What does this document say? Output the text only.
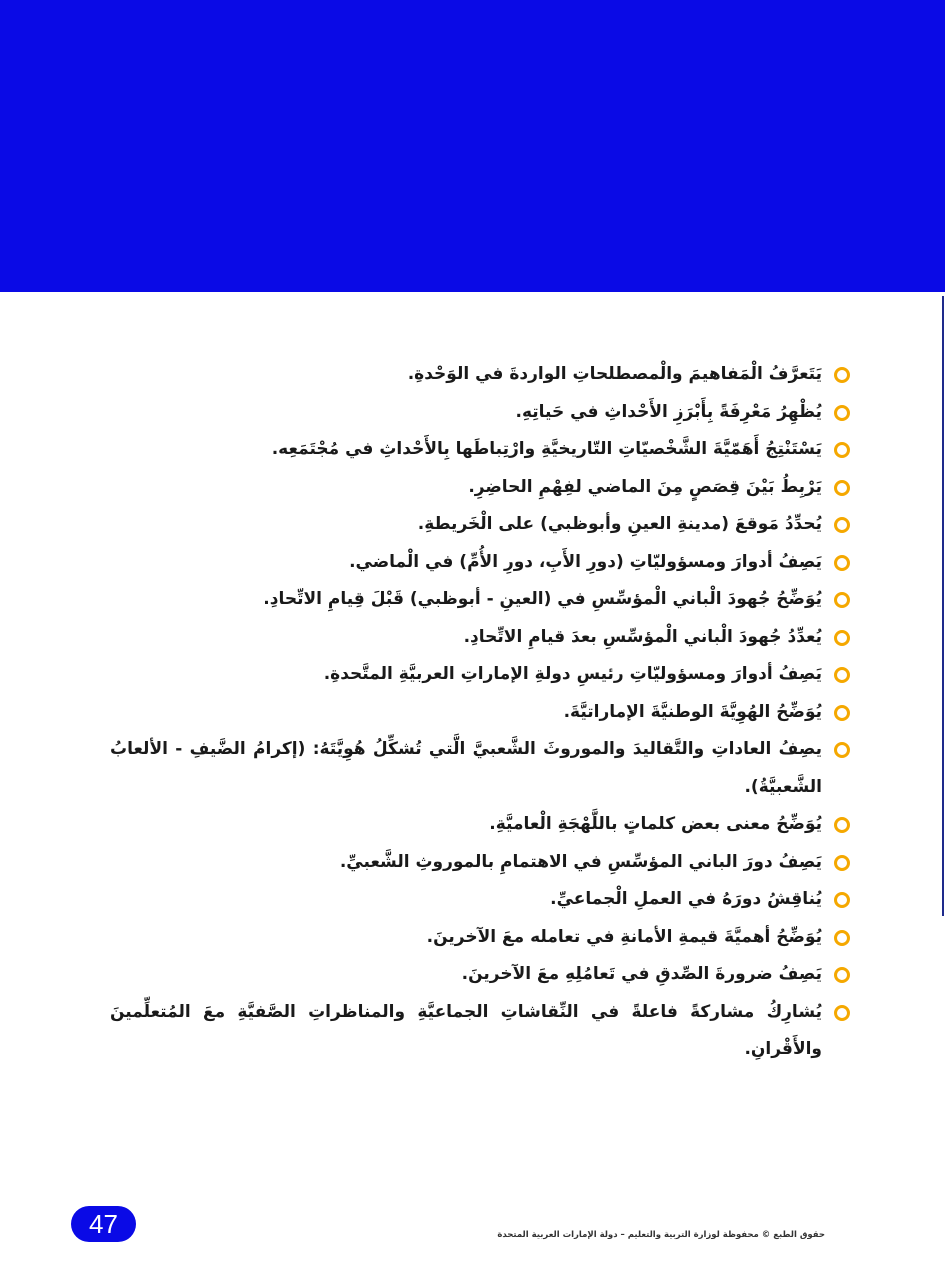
يَتَعرَّفُ الْمَفاهيمَ والْمصطلحاتِ الواردةَ في الوَحْدةِ.
يُظْهِرُ مَعْرِفَةً بِأَبْرَزِ الأَحْداثِ في حَياتِهِ.
يَسْتَنْتِجُ أَهَمّيَّةَ الشَّخْصيّاتِ التّاريخيَّةِ وارْتِباطَها بِالأَحْداثِ في مُجْتَمَعِه.
يَرْبِطُ بَيْنَ قِصَصٍ مِنَ الماضي لفِهْمِ الحاضِرِ.
يُحدِّدُ مَوقعَ (مدينةِ العينِ وأبوظبي) على الْخَريطةِ.
يَصِفُ أدوارَ ومسؤوليّاتِ (دورِ الأَبِ، دورِ الأُمِّ) في الْماضي.
يُوَضِّحُ جُهودَ الْباني الْمؤسِّسِ في (العينِ - أبوظبي) قَبْلَ قِيامِ الاتِّحادِ.
يُعدِّدُ جُهودَ الْباني الْمؤسِّسِ بعدَ قيامِ الاتِّحادِ.
يَصِفُ أدوارَ ومسؤوليّاتِ رئيسِ دولةِ الإماراتِ العربيَّةِ المتَّحدةِ.
يُوَضِّحُ الهُوِيَّةَ الوطنيَّةَ الإماراتيَّةَ.
يصِفُ العاداتِ والتَّقاليدَ والموروثَ الشَّعبيَّ الَّتي تُشكِّلُ هُوِيَّتَهُ: (إكرامُ الضَّيفِ - الألعابُ الشَّعبيَّةُ).
يُوَضِّحُ معنى بعض كلماتٍ باللَّهْجَةِ الْعاميَّةِ.
يَصِفُ دورَ الباني المؤسِّسِ في الاهتمامِ بالموروثِ الشَّعبيِّ.
يُناقِشُ دورَهُ في العملِ الْجماعيِّ.
يُوَضِّحُ أهميَّةَ قيمةِ الأمانةِ في تعامله معَ الآخرينَ.
يَصِفُ ضرورةَ الصِّدقِ في تَعامُلِهِ معَ الآخرينَ.
يُشارِكُ مشاركةً فاعلةً في النِّقاشاتِ الجماعيَّةِ والمناظراتِ الصَّفيَّةِ معَ المُتعلِّمينَ والأَقْرانِ.
47	حقوق الطبع © محفوظة لوزارة التربية والتعليم – دولة الإمارات العربية المتحدة
